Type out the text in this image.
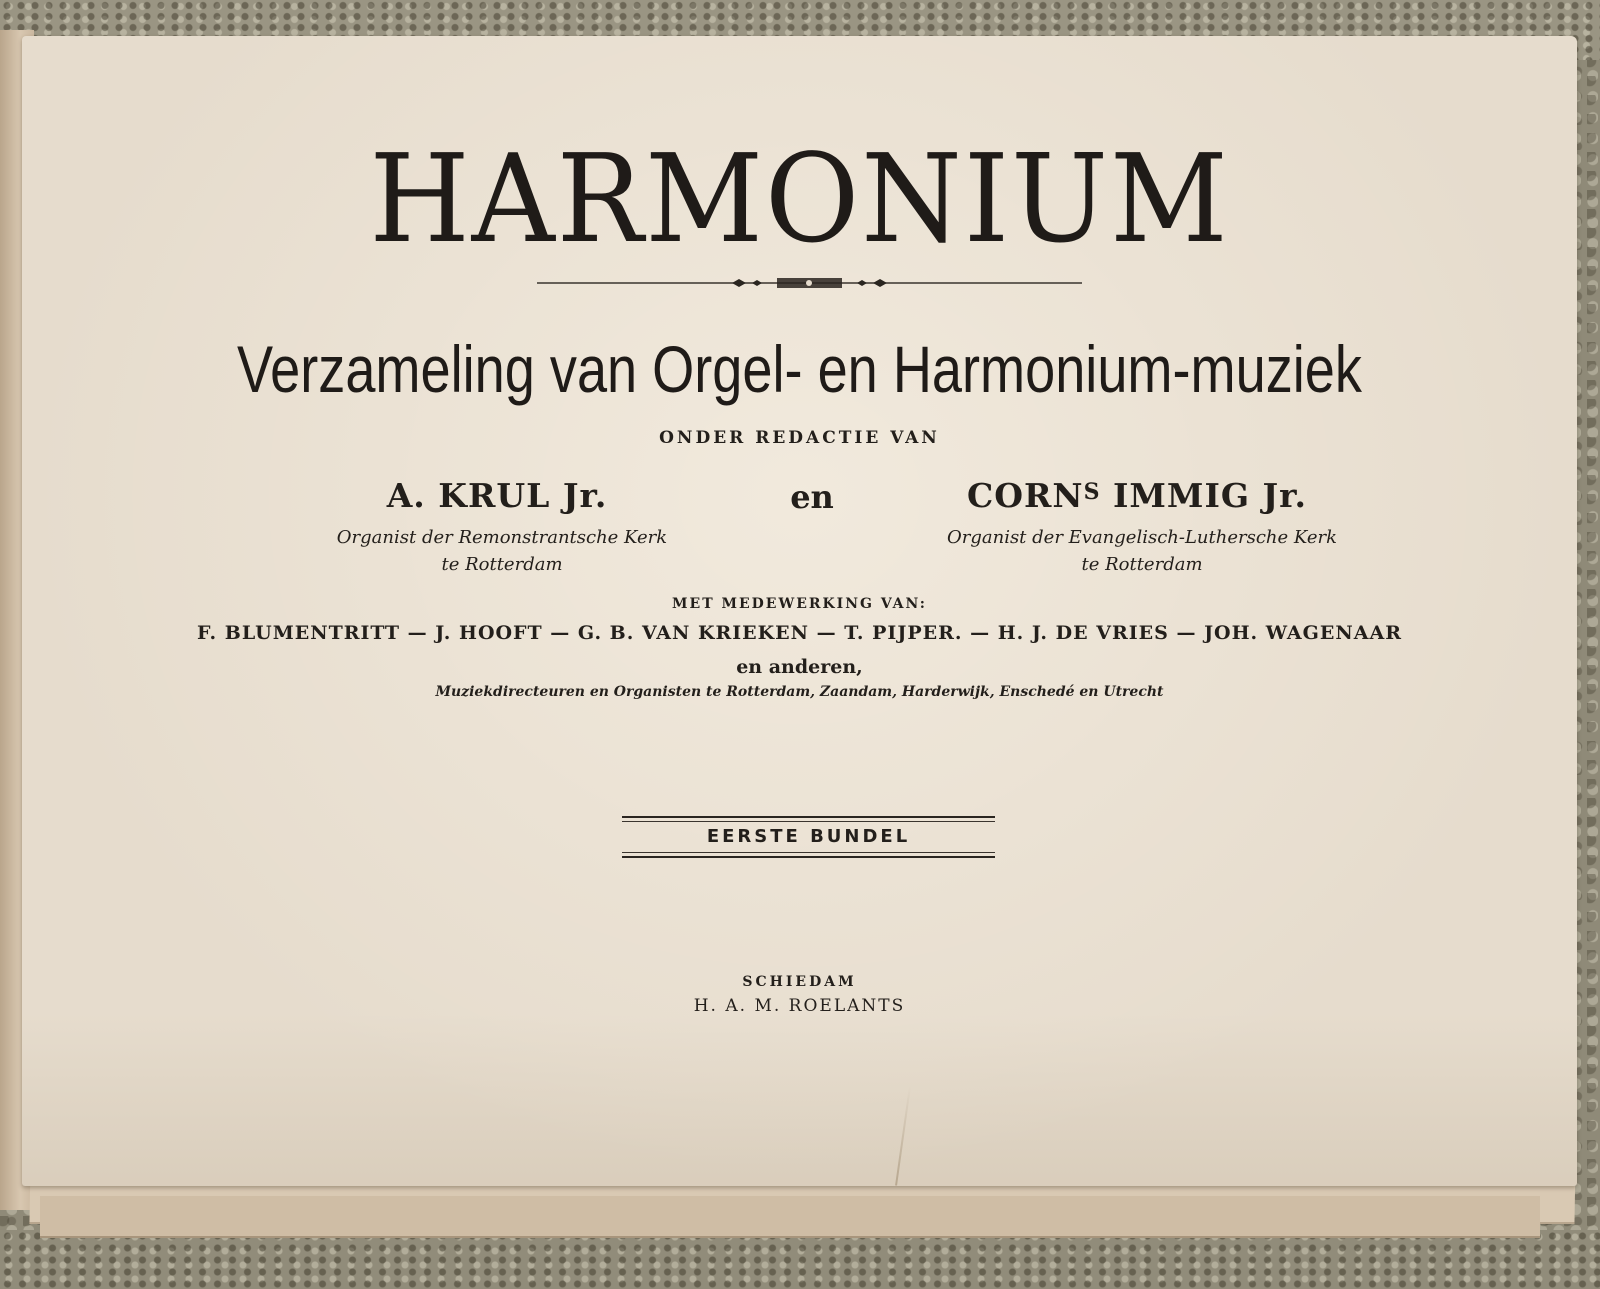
HARMONIUM
Verzameling van Orgel- en Harmonium-muziek
ONDER REDACTIE VAN
A. KRUL Jr.	en	$CORN^S$ IMMIG Jr.
Organist der Remonstrantsche Kerk
te Rotterdam
Organist der Evangelisch-Luthersche Kerk
te Rotterdam
MET MEDEWERKING VAN:
F. BLUMENTRITT — J. HOOFT — G. B. VAN KRIEKEN — T. PIJPER. — H. J. DE VRIES — JOH. WAGENAAR
en anderen,
Muziekdirecteuren en Organisten te Rotterdam, Zaandam, Harderwijk, Enschedé en Utrecht
EERSTE BUNDEL
SCHIEDAM
H. A. M. ROELANTS
